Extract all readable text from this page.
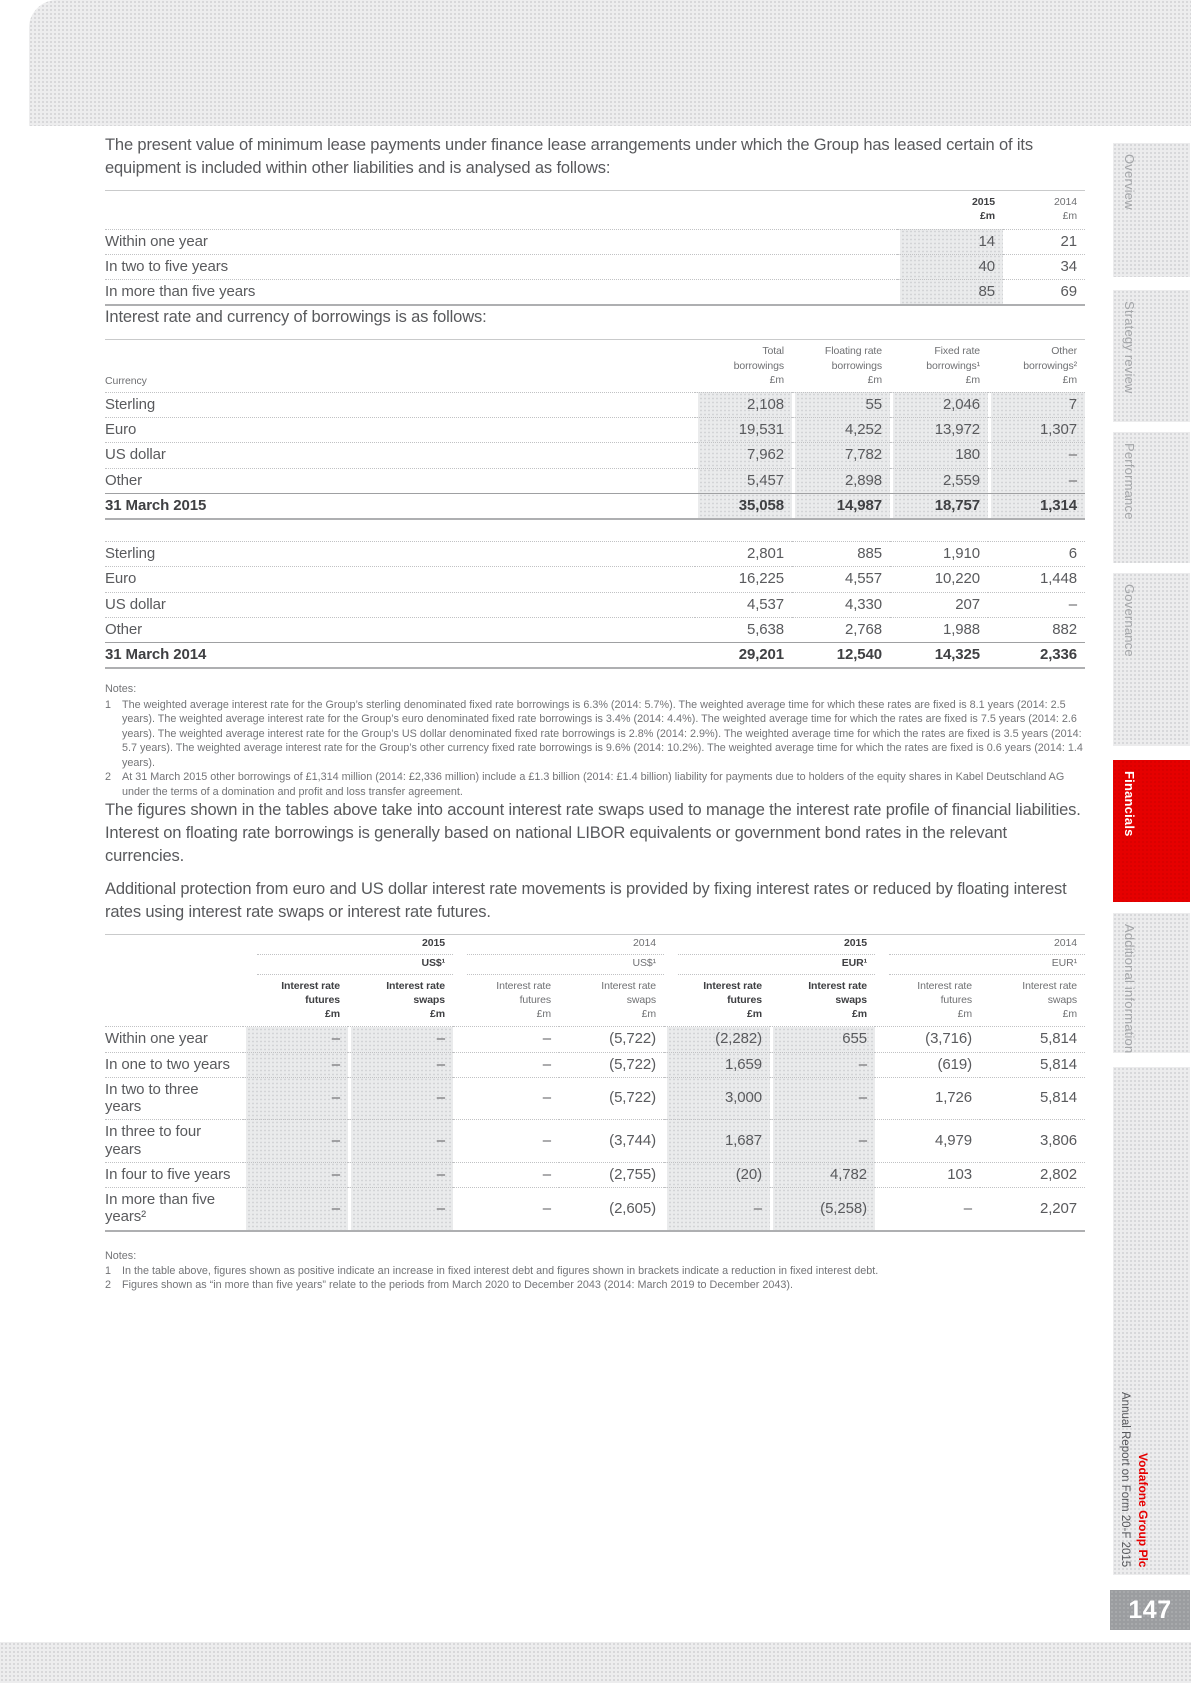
The present value of minimum lease payments under finance lease arrangements under which the Group has leased certain of its equipment is included within other liabilities and is analysed as follows:

2015
£m

2014
£m

Within one year	14	21
In two to five years	40	34
In more than five years	85	69

Interest rate and currency of borrowings is as follows:

Currency	
Total
borrowings
£m

Floating rate
borrowings
£m

Fixed rate
borrowings¹
£m

Other
borrowings²
£m

Sterling	2,108	55	2,046	7
Euro	19,531	4,252	13,972	1,307
US dollar	7,962	7,782	180	–
Other	5,457	2,898	2,559	–
31 March 2015	35,058	14,987	18,757	1,314

Sterling	2,801	885	1,910	6
Euro	16,225	4,557	10,220	1,448
US dollar	4,537	4,330	207	–
Other	5,638	2,768	1,988	882
31 March 2014	29,201	12,540	14,325	2,336
Notes:
1	The weighted average interest rate for the Group’s sterling denominated fixed rate borrowings is 6.3% (2014: 5.7%). The weighted average time for which these rates are fixed is 8.1 years (2014: 2.5 years). The weighted average interest rate for the Group’s euro denominated fixed rate borrowings is 3.4% (2014: 4.4%). The weighted average time for which the rates are fixed is 7.5 years (2014: 2.6 years). The weighted average interest rate for the Group’s US dollar denominated fixed rate borrowings is 2.8% (2014: 2.9%). The weighted average time for which the rates are fixed is 3.5 years (2014: 5.7 years). The weighted average interest rate for the Group’s other currency fixed rate borrowings is 9.6% (2014: 10.2%). The weighted average time for which the rates are fixed is 0.6 years (2014: 1.4 years).
2	At 31 March 2015 other borrowings of £1,314 million (2014: £2,336 million) include a £1.3 billion (2014: £1.4 billion) liability for payments due to holders of the equity shares in Kabel Deutschland AG under the terms of a domination and profit and loss transfer agreement.

The figures shown in the tables above take into account interest rate swaps used to manage the interest rate profile of financial liabilities. Interest on floating rate borrowings is generally based on national LIBOR equivalents or government bond rates in the relevant currencies.

Additional protection from euro and US dollar interest rate movements is provided by fixing interest rates or reduced by floating interest rates using interest rate swaps or interest rate futures.

	2015		2014		2015		2014	

	US$¹		US$¹		EUR¹		EUR¹	

Interest rate
futures
£m

Interest rate
swaps
£m

Interest rate
futures
£m

Interest rate
swaps
£m

Interest rate
futures
£m

Interest rate
swaps
£m

Interest rate
futures
£m

Interest rate
swaps
£m

Within one year	–	–	–	(5,722)	(2,282)	655	(3,716)	5,814
In one to two years	–	–	–	(5,722)	1,659	–	(619)	5,814
In two to three years	–	–	–	(5,722)	3,000	–	1,726	5,814
In three to four years	–	–	–	(3,744)	1,687	–	4,979	3,806
In four to five years	–	–	–	(2,755)	(20)	4,782	103	2,802
In more than five years²	–	–	–	(2,605)	–	(5,258)	–	2,207
Notes:
1	In the table above, figures shown as positive indicate an increase in fixed interest debt and figures shown in brackets indicate a reduction in fixed interest debt.
2	Figures shown as “in more than five years” relate to the periods from March 2020 to December 2043 (2014: March 2019 to December 2043).
Overview
Strategy review
Performance
Governance
Financials
Additional information
Vodafone Group Plc
Annual Report on Form 20-F 2015
147
